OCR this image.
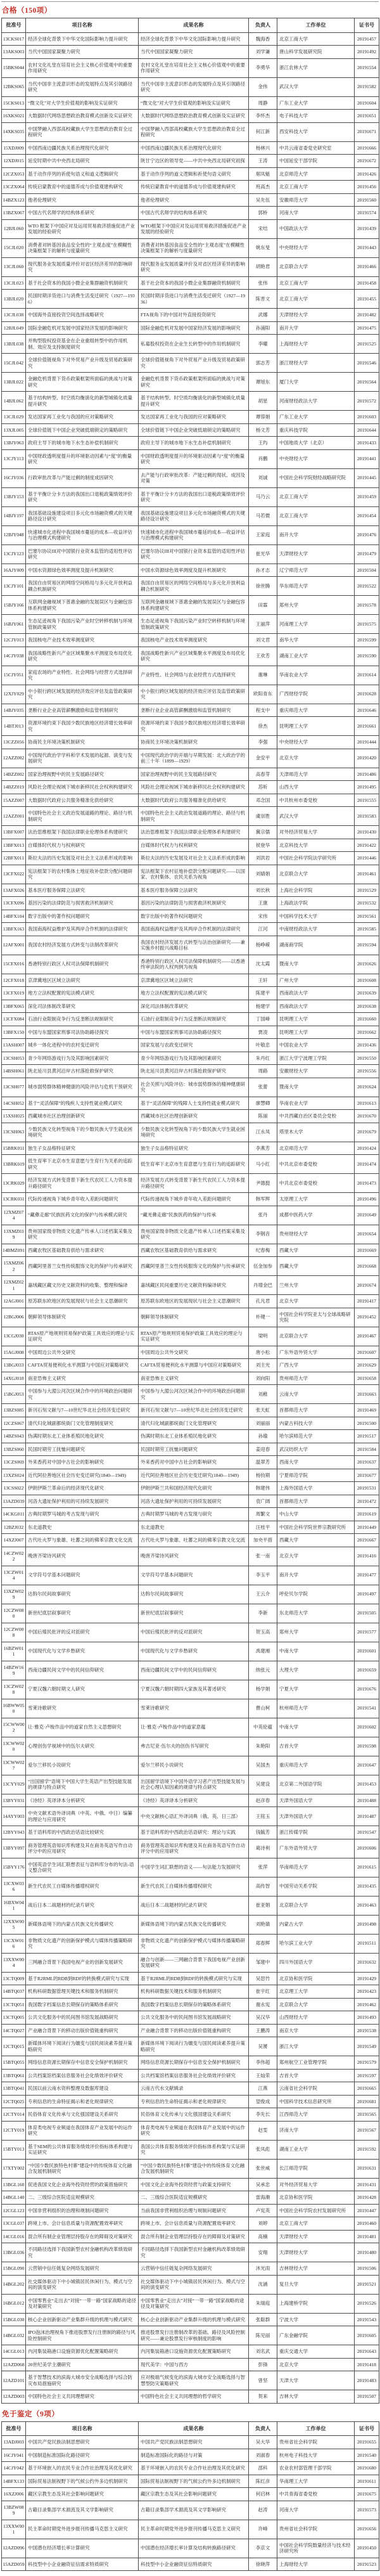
合格（150项）
批准号	项目名称	成果名称	负责人	工作单位	证书号
13CKS017	经济全球化背景下中华文化国际影响力提升研究	经济全球化背景下中华文化国际影响力提升研究	魏海香	北京工商大学	20191457
13AKS003	当代中国国家凝聚力研究	当代中国国家凝聚力研究	刘学谦	唐山科学发展研究院	20191492
15BKS044	农村文化礼堂在培育社会主义核心价值观中的重要作用研究	农村文化礼堂在培育社会主义核心价值观中的重要作用研究	李勇华	浙江农林大学	20191554
12BKS065	当代中国非主流意识形态的发展特点及其引领路径研究	当代中国非主流意识形态的发展特点及其引领路径研究	金伟	武汉大学	20191582
15CKS013	“微文化”对大学生价值观的影响及实证研究	“微文化”对大学生价值观的影响及实证研究	周静	广东工业大学	20191604
16XKS021	大数据时代网络思想政治教育模式创新及实证研究	大数据时代网络思想政治教育模式创新及实证研究	李怀杰	电子科技大学	20191651
14XKS035	中国梦融入西部高校藏族大学生思想政治教育全过程研究	中国梦融入西部高校藏族大学生思想政治教育全过程研究	何江新	西安科技大学	20191671
15XDJ009	中国西南边疆民族关系治理现代化研究	中国西南边疆民族关系治理现代化研究	杨林兴	中共云南省委党史研究室	20191666
12XDJ015	延安时期中共中央西北局研究	陕甘宁边区的领导党——中共中央西北局研究初探	王涛	中国延安干部学院	20191672
12CZX053	基于动作序列的祈使句语义和道义逻辑研究	基于动作序列的道义逻辑和祈使句语义研究	琚凤魁	北京师范大学	20191426
13CZX064	传统启蒙教育中的道德养成与价值观建构研究	传统启蒙教育中的道德养成与价值观建构研究	班高杰	北京工商大学	20191456
14BZX123	他者伦理研究	他者伦理研究	吴先伍	安徽师范大学	20191560
13BZX067	中国古代名辩学的结构体系研究	中国古代名辩学的结构体系研究	郭桥	河南大学	20191574
12BJL060	WTO 框架下中国应对及运用贸易救济措施促进产业发展的经验研究	WTO框架下中国应对及运用贸易救济措施促进产业发展的经验研究	宋结	中国政法大学	20191439
15CJL020	消费者对转基因食品安全性的“主观态度”在模糊性决策框架下的解析与度量研究	消费者对转基因食品安全性的“主观态度”在模糊性决策框架下的解析与度量研究	姚东旻	中央财经大学	20191443
13CJL060	现代服务业发展质量评价对省区经济差异的影响研究	现代服务业发展质量评价及对省区经济差异的影响研究	胡艳君	北京联合大学	20191466
13CJL023	基于社会资本的我国小微企业集群融资机制研究	基于社会资本的我国小微企业集群融资机制研究	张伟	北京工商大学	20191458
13BJL020	民国时期洋货进口与消费生活变迁研究（1927—1936）	民国时期洋货进口与消费生活变迁研究（1927—1936）	陈晋文	北京工商大学	20191455
13CJL038	中国海外直接投资空间选择战略研究	FTA视角下的中国对外直接投资研究	武娜	天津财经大学	20191482
12BJL049	国际金融危机对发展中国家经济发展的影响研究	国际金融危机对发展中国家经济发展的影响研究	孙浦阳	南开大学	20191475
13BJL038	并购型股权投资基金在企业重组转型中的作用机制、效应及支持制度研究	私募股权投资在企业生长转型中的作用机制研究	李曜	上海财经大学	20191525
15CJL042	全球价值链视角下对外贸易产业升级及贸易政策研究	全球价值链视角下对外贸易产业升级及贸易政策研究	郭志芳	浙江财经大学	20191546
13BJL022	金融危机背景下货币政策框架所面临的挑战与对策研究	金融危机背景下货币政策框架所面临的挑战与对策研究	谭旭东	厦门大学	20191564
14BJL062	基于结构转型、时空质均衡演化的新型城镇化质量提升研究	基于结构转型、时空质均衡演化的新型城镇化质量提升研究	胡星	河南财经政法大学	20191572
13CJL029	发达国家再工业化与我国的应对策略研究	发达国家再工业化与我国的应对策略研究	谭蓉娟	广东工业大学	20191603
13XJL005	全球价值链下中国企业突破低端锁定的策略研究	全球价值链下中国企业突破低端锁定的策略研究	杨文芳	重庆科技学院	20191644
13BJY063	政府主导下的城市地下水生态补偿机制研究	政府主导下的城市地下水生态补偿机制研究	王玙	中国地质大学（北京）	20191433
13CJY113	中国财政透明度提升的环境驱动因素与“度”的衡量研究	中国财政透明度提升的环境驱动因素与“度”的衡量研究	肖鹏	中央财经大学	20191441
16CJY036	行政审批改革与产能过剩的制度成因研究	去产能与行政审批改革：产能过剩的现状、成因及对策	刘诚	中国社会科学院财经战略研究院	20191445
13BJY153	基于平衡计分卡方法的我国出口退税政策绩效评价研究	基于平衡计分卡方法的我国出口退税政策绩效评价研究	马乃云	北京工商大学	20191459
14BJY197	我国基础设施建设项目多元化市场融资模式的关键路径设计研究	我国基础设施建设项目多元化市场融资模式的关键路径设计研究	马若微	北京工商大学	20191454
12BJY048	快速城市化进程中我国城市蔓延的成本—收益评估与治理模式构建研究	快速城市化进程中我国城市蔓延的成本—收益评估与治理模式构建研究	王家庭	南开大学	20191476
13CJY123	巴塞尔协议III对中国银行业资本监管的适用性评估研究	巴塞尔协议III对中国银行业资本监管的适用性评估研究	崔光华	天津财经大学	20191479
16AJY009	中国水资源绿色效率测度及提升机制研究	中国水资源绿色效率测度及提升机制研究	孙才志	辽宁师范大学	20191504
13CJY101	我国自由贸易区的网络空间格局与多元化开放利益耦合机制研究	我国自由贸易区的网络空间格局与多元化开放利益耦合机制研究	徐世腾	华东师范大学	20191522
15BJY166	互联网金融视域下普惠金融的发展误区与金融包容体系构建研究	互联网金融视域下普惠金融的发展误区与金融包容体系构建研究	田霖	郑州大学	20191578
16BJY061	生态足迹视角下我国污染产业时空转移机制与环境管制政策研究	生态足迹视角下我国污染产业时空转移机制与环境管制政策研究	王丽萍	河南理工大学	20191575
12CJY013	我国核电产业技术效率测度研究	我国核电产业技术效率测度研究	刘文君	南华大学	20191599
14CJY038	我国战略性新兴产业区域集聚水平测度及布局优化研究	我国战略性新兴产业区域集聚水平测度及布局优化研究	王欢芳	湖南工业大学	20191590
15CJY051	家庭农场的产业特性、社会网络与经营方式选择研究	产业特性、社会网络与农业经营方式选择研究	谢琳	华南农业大学	20191614
12XJY029	中小银行跨区域发展的经济效应评估及监管政策研究	中小银行跨区域发展的经济效应评估及监管政策研究	欧阳青东	广西财经学院	20191628
14BJY035	垄断行业企业高管薪酬激励和监管机制研究	垄断行业企业高管薪酬激励和监管机制研究	程支中	重庆师范大学	20191646
14BTJ013	资源环境约束下我国少数民族地区经济增长效率研究	资源环境约束下我国少数民族地区经济增长效率研究	徐杰	昆明理工大学	20191661
13CZZ056	协商民主环境决策机制研究	协商民主环境决策机制研究	李强	中央财经大学	20191444
12AZZ002	中国现代政治学学科和学术发展的起源、演变与发展研究	中国现代政治学的开端与早期发展：北大政治学的前三十年（1899—1929）	金安平	北京大学	20191420
14BZZ002	国家治理视野中的民主发展路径研究	国家治理视野中的民主发展路径研究	高春芽	天津师范大学	20191486
14BZZ019	风险社会理论视域下城市新移民社会权利构建研究	风险社会理论视域下城市新移民社会权利构建研究	苏昕	山西大学	20191495
15AZZ007	大数据时代政府公共服务精准化供给研究	大数据时代政府公共服务精准化供给研究	邓念国	中共杭州市委党校	20191555
12AZZ001	中国特色社会主义政治发展道路的理论、路径与机制研究	中国特色社会主义政治发展道路的理论、路径与机制研究	虞崇胜	武汉大学	20191583
13BFX007	法治思维框架下我国法律职业伦理体系构建研究	法治思维框架下我国法律职业伦理体系构建研究	冀宗儒	对外经济贸易大学	20191430
13BFX013	自媒体时代权力与权利研究	自媒体时代权力与权利研究	侯登华	北京科技大学	20191422
12BFX011	斯拉夫法的历史发展及对社会主义法系形成的影响	斯拉夫法的历史发展及对社会主义法系形成的影响	刘洪岩	中国社会科学院法学研究所	20191446
13CFX022	宪法框架下的农村集体土地征收补偿款分配问题研究	宪法框架下农村征地补偿款分配问题研究——以国家、农村集体、农民关系为视角	刘婧娟	北京联合大学	20191461
13AFX026	基本医疗服务保障立法研究	基本医疗服务保障立法研究	刘长秋	上海社会科学院	20191529
13CFX096	基因污染的法律防范与损害救济机制研究	基因污染的法律防范与损害救济机制研究	王康	上海政法学院	20191532
14BFX104	数字出版中的著作权问题研究	数字出版中的著作权问题研究	宋伟	中国科学技术大学	20191561
13BFX163	我国南海权益维护及其两岸合作机制的法律研究	我国南海权益维护及其两岸合作机制的法律研究	江河	中南财经政法大学	20191585
12AFX001	我国农村经济发展方式转变与法制改革研究	我国农村经济发展方式转型与法治创新研究——兼实施乡村振兴战略目标	杨峥嵘	湖南商学院	20191594
15CFX016	香港特别行政区人权司法保障机制研究	香港特别行政区人权司法保障机制研究——以香港终审法院的人权判例为视角	沈太霞	暨南大学	20191626
12CFX018	京津冀地区区域立法研究	京津冀地区区域立法研究	王轩	广州大学	20191608
13CFX019	地方立法权配置的宪法模式研究	地方立法权配置的宪法模式研究	陈建平	西南政法大学	20191639
13BFX065	深化司法体制改革研究	深化司法体制改革研究	杨建学	西南政法大学	20191638
13CFX084	石油行业限制竞争行为反垄断法规制研究	石油行业限制竞争行为反垄断法规制研究	丁国峰	昆明理工大学	20191660
13BFX150	中国与东盟国家刑事司法协助路径探究	中国与东盟国家刑事司法协助路径探究	贾凌	昆明理工大学	20191662
13ASH007	城乡一体化进程中的农村变迁研究	国家发展与农政变迁研究	叶敬忠	中国农业大学	20191436
13CSH053	青少年网络游戏行为及其影响因素研究	青少年网络游戏行为及其影响因素研究	朱丹红	浙江大学宁波理工学院	20191550
14BSH061	陕北延川县黄河沿岸古村落抢救保护研究	陕北延川县黄河沿岸古村落抢救保护研究	周路	安徽财经大学	20191556
13CSH077	城市弱势群体精神健康的风险评估与危机干预研究	社会关照与风险评估：城市弱势群体的精神健康研究	张蕾	暨南大学	20191624
14CSH052	基于“灵活保障”的残疾人支持性就业模式研究	基于“灵活保障”的残障人士支持性就业模式研究	廖慧卿	华南农业大学	20191613
15XSH025	西藏城市社区治理创新研究	西藏城市社区治理创新研究	陈丽	中共西藏自治区委员会党校	20191670
13CSH063	少数民族文化转型视角下的少数民族大学生就业困境研究	少数民族文化转型视角下的少数民族大学生就业困境研究	江永凤	塔里木大学	20191679
15BRK011	独生子女品格特征研究	独生子女品格特征研究	李燕芳	北京师范大学	20191424
13BRK019	低生育率下北京市生育意愿与生育行为关系的追踪研究	低生育率下北京市生育意愿与生育行为的追踪研究	马小红	中共北京市委党校	20191474
13CRK029	经济发展方式转变背景下新生代农民工人力资本提升路径研究	经济发展方式转变背景下新生代农民工人力资本提升路径研究	尹德挺	中共北京市委党校	20191473
13CRK031	代际传递视角下城乡青年收入差距问题研究	代际传递视角下城乡青年收入差距问题研究	韩军辉	太原理工大学	20191496
12XMZ074	“藏彝走廊”民族医药文化的保护与传承模式研究	“藏羌彝走廊”民族医药的保护与传承	张丹	成都中医药大学	20191649
13XMZ039	贵州国家级非物质文化遗产传承人口述档案采集及研究	贵州国家级非物质文化遗产传承人口述档案采集及研究	李钢音	贵州财经大学	20191654
14BMZ091	西藏农牧区基础教育供给与需求研究	西藏农牧区基础教育供给与需求研究	纪春梅	西藏大学	20191669
15XMZ062	西藏阿里普兰女性传统服饰文化的保护与传承研究	西藏阿里普兰女性传统服饰文化的保护与传承研究	伍金加参	西藏大学	20191668
12XMZ021	嘉绒藏区藏文历史文献资料的收集、整理和编译	嘉绒藏区民间重要历史文献资料编译研究	丹增金巴	兰州大学	20191674
12AGJ001	原苏联东欧地区的发展现状与社会主义思潮研究	原苏联东欧地区的发展现状与社会主义思潮研究	孔凡君	北京大学	20191417
12BGJ006	朝鲜领导体制研究	朝鲜领导体制研究	朴键一	中国社会科学院亚太与全球战略研究院	20191452
13CGJ030	RTAS原产地规则贸易保护政策工具效应的理论与实证研究	RTAS原产地规则贸易保护政策工具效应的理论与实证研究	梁明	北京联合大学	20191467
15AGJ008	中国周边公共外交研究	中国周边公共外交研究	唐小松	广东外语外贸大学	20191607
13BGJ033	CAFTA贸易便利化水平测算与中国应对策略研究	CAFTA贸易便利化水平测算与中国应对策略研究	刘主光	广西大学	20191629
14XGJ018	南亚恐怖主义研究	南亚恐怖主义研究	刘向阳	贵州师范大学	20191658
15BGJ053	中国参与大湄公河次区域合作中的环境政治问题研究	中国参与大湄公河次区域合作中的环境政治问题研究	刘稚	云南大学	20191663
13BZS085	新刊石刻文献与7—10世纪华北社会经济变迁研究	新刊石刻文献与7—10世纪华北社会经济变迁研究	张天虹	首都师范大学	20191469
12CZS067	清代归化城副都统衙门文化管理制度研究	清代归化城副都统衙门文化管理研究	刘丽丽	内蒙古科技大学	20191500
14BZS043	伪满时期东北工业体系殖民地化研究	伪满时期东北工业体系殖民地化研究	孙瑜	哈尔滨师范大学	20191517
13BZS060	民国时期劳工抚恤问题研究	民国时期劳工抚恤问题研究	姜迎春	武汉纺织大学	20191584
13CZS069	外来香药对中国中古社会的影响研究	外来香药对中国中古社会的影响研究	温翠芳	西南大学	20191637
13XZS024	近代阿拉善地区社会历史变迁研究(1840—1949)	近代阿拉善地区社会历史变迁研究(1840—1949)	杨钧期	宁夏师范学院	20191677
13CSS022	伊朗伊斯兰革命后的经济现代化研究	伊朗伊斯兰共和国经济现代化研究	韩建伟	上海外国语大学	20191531
13AZD039	河洛大遗址保护利用的可持续发展研究	河洛大遗址保护利用的可持续发展研究	袁广阔	首都师范大学	20191472
14CKG011	古典时期罗马城的考古发现与研究	古典时期罗马城的考古发现与研究	周繁文	中山大学	20191619
12BZJ032	东北道教史	东北道教史	汪桂平	中国社会科学院世界宗教研究所	20191449
14XZJ007	古代吐火罗与象雄、吐蕃之间的佛苯宗教文化交流	古代吐火罗与象雄、吐蕃之间的佛苯宗教文化交流	加央平措	西藏大学	20191667
14CZW022	晚唐齐梁诗风研究	晚唐齐梁诗风研究	张一南	北京大学	20191416
13CZW014	文学符号学基本问题研究	文学符号学基本问题研究	李玉平	南开大学	20191477
13XZW029	达斡尔民间故事研究	达斡尔民间故事研究	王云介	呼伦贝尔学院	20191497
12CZW080	新世纪底层叙事研究	新世纪底层叙事研究	李新	东北师范大学	20191505
12CZW008	中国后殖民批评的反对派研究	中国后殖民批评的反对派研究	贺玉高	郑州大学	20191577
16BZW011	中国现代化与文学乡愁研究	中国现代化与文学乡愁研究	禹建湘	中南大学	20191601
14BZW169	西南边疆民间文学中的民间信仰研究	西南边疆民间文学中的民间信仰研究	纳张元	大理大学	20191659
13CZW028	宁夏汉魏六朝时期文人研究	宁夏汉魏六朝时期四大家族及其著述研究	杨学娟	宁夏大学	20191676
16BWW050	雪莱诗歌研究	雪莱诗歌研究	曹山柯	杭州师范大学	20191541
15CWW002	让·雅克·卢梭作品中的道家自然主义思想研究	让·雅克·卢梭作品中的道家意蕴	中英伦蕴	中南大学	20191602
13CWW020	心理创伤学视域中的伍尔夫研究	弗吉尼亚·伍尔夫的创伤书写研究	朱艳阳	吉首大学	20191598
13CWW027	爱尔兰移民小说研究	爱尔兰移民小说研究	吴国杰	重庆师范大学	20191647
13CYY029	“出国留学”语境下中国大学生英语产出型技能发展的规律与特点研究	出国留学语境下中国外语学习者产出型技能发展与社会心理认知因素的规律与特点研究	吴建设	北京第二外国语学院	20191453
13BYY031	《诗经》英译译本分析研究	《诗经》英译译本分析研究	赵彦春	天津外国语大学	20191488
14AYY003	中央文献术语外译词典（中英、中俄、中日）编纂的理论与应用研究	中央文献核心语汇外译词典（俄、英、日三部）	王铭玉	天津外国语大学	20191487
12BYY043	基于语料库的中西政治话语比较研究	基于语料库的中西政治话语研究：理论与实践	钱毓芳	浙江传媒学院	20191547
13BYY097	商务管理英语知识库构建及其在商务英语写作自动评分中的应用研究	商务管理英语知识库构建及其在商务英语写作自动评分中的应用研究	葛诗利	广东外语外贸大学	20191606
15BYY176	中国英语学生词汇联想表征与语料库分布的句法-语义整合研究	中国学生词汇联想的语义——句法能力发展研究	张萍	华南师范大学	20191615
13CXW036	新生代农民工自媒体传播增权研究	新生代农民工自媒体传播增权研究	高传智	中国劳动关系学院	20191435
16BXW041	战后日本二战题材的纪录片研究	战后日本二战题材的纪录片研究	崔亚娟	北京联合大学	20191463
12XXW005	新媒体语境下的内蒙古民族文化传播研究	新媒体语境下的内蒙古民族文化传播研究	刘艳婧	内蒙古大学	20191498
13CXW016	非物质文化遗产的创新保护模式与媒体传播策略研究	非物质文化遗产的创新保护模式与媒体传播策略研究	郑春辉	哈尔滨工业大学	20191511
13XXW004	三网融合背景下我国电视产业的创新发展研究	融合与创新——三网融合背景下我国电视产业创新发展研究	邹建中	四川外国语大学	20191632
13CTQ009	基于R2RML的RDB到RDF的转换模式研究与实现	基于R2RML的RDB到RDF的转换模式研究与实现	吴思竹	北京协和医学院	20191429
14BTQ037	机构科研数据管理关键技术和服务机制研究	机构科研数据关键技术和服务机制研究	崔宇红	北京理工大学	20191423
13CTQ051	我国数字档案信息长期保存的策略体系研究	我国数字档案信息长期保存的策略体系研究	谢永宪	北京联合大学	20191462
13CTQ005	公共文化服务中的民间图书馆发展战略研究	公共文化服务中的民间图书馆发展战略研究	吴汉华	山西财经大学	20191493
14CTQ027	产业融合背景下的移动出版价值链重构研究	产业融合背景下的移动出版价值链重构研究	王鹏涛	南京大学	20191538
12CTQ015	新媒体环境下阅读行为嬗变与国民阅读素养提升策略研究	新媒体环境下阅读行为嬗变与国民阅读素养提升策略研究	吴赟	浙江大学	20191549
15BTQ055	网络信息资源长期保存中信息安全保护机制研究	网络信息资源长期保存中信息安全保护机制研究	李伟超	郑州航空工业管理学院	20191579
13BTQ061	公共档案馆档案信息服务社会化绩效评价研究	公共档案馆档案信息服务社会化绩效评价研究	王灿荣	吉首大学	20191597
13BTQ041	民国以前云南水资料整理及数据库建设	云南古代水文献辑录	江燕	云南省社会科学院	20191665
12CTQ025	专利信息的生命特征揭示和老化规律研究	专利信息的生命特征揭示和老化规律研究	望俊成	中国科学技术信息研究所	20191681
12CTY014	民俗体育文化传承与文化强国建设关系研究	民俗体育文化传承与文化强国建设关系研究	李先长	江西师范大学	20191565
12CTY019	体育类电视专业频道在我国体育产业发展中的运作研究	体育类电视专业频道在我国体育产业发展中的运作研究	赵雯	济南大学	20191567
15BTY013	基于SEM的公共体育服务绩效评价指标体系构建与实证研究	我国公共体育服务绩效评价指标体系构架与实证研究	张凤彪	湖南工业大学	20191592
17XTY002	“中国少数民族特色村寨”建设中的传统体育文化融合发展机制研究	“中国少数民族特色村寨”建设中的传统体育文化融合发展机制研究	张世威	长江师范学院	20191631
13BGL160	促进我国文化企业海外投资经营的政策措施研究	中国文化企业海外投资经营与政策支持研究	吴承忠	对外经济贸易大学	20191431
14BGL140	二、三级综合医院适宜规模研究	二、三级综合医院适宜规模研究	雷海潮	北京协和医学院	20191428
12CGL123	中国非营利组织的治理和规制问题研究	当前我国非营利组织治理与规制问题研究	卢宪英	中国社会科学院农村发展研究所	20191447
13CGL037	跨境上市、会计信息质量与资源配置效率研究	跨境上市、会计信息质量与资源配置效率研究	刘婷	北京工商大学	20191460
14CGL016	混合所有制企业管理层持股存在的障碍及对策研究	混合所有制企业管理层持股存在的障碍及对策研究	高楠	天津财经大学	20191481
13BGL036	不同路径选择下我国新型农村金融机构改革绩效研究	不同路径选择下我国新型农村金融机构改革绩效研究	安翔	天津财经大学	20191480
15BGL090	云营销中信任链复杂网络发展研究	云营销中信任链复杂网络发展研究	沐光雨	吉林财经大学	20191506
14BGL202	社交媒体驱动下中小城镇居民休闲行为、模式与空间的演变研究	社交媒体驱动下中小城镇居民休闲行为、模式与空间的演变研究	沈涵	复旦大学	20191521
16BGL012	中国零售业“走出去”对接“一带一路”国家战略的途径及对策研究	中国零售业“走出去”对接“一带一路”国家战略的途径及对策研究	朱瑞庭	上海建桥学院	20191526
15BGL030	核心企业创新驱动产业集群升级的机理与模式研究	核心企业创新驱动产业集群升级的机理与模式研究	张聪群	宁波大学	20191543
14BGL032	IPO泡沫治理视角下推进股票发行注册制的路径与风险控制研究	推进股票发行注册制改革的基础、路径及风险控制研究——兼论股票发行审核制度的影响	陈见丽	广东金融学院	20191605
14CGL013	内河集装箱港口设施资源优化配置策略研究	内河集装箱港口设施资源优化配置策略研究	刘名武	重庆交通大学	20191643
12AZD068	20世纪美学主潮研究	现代美学：中国与西方	彭锋	北京大学	20191418
12AZD101	基于智慧技术的滨海大城市安全战略选择与综合防灾布局措施研究	应对极端气候变化的滨海大城市安全战略选择与智慧型防灾策略研究	曾坚	天津大学	20191483
12AZD003	中国特色社会主义共同理想研究	中国特色社会主义共同理想的哲学研究	贺来	吉林大学	20191507
免于鉴定（9项）
批准号	项目名称	成果名称	负责人	工作单位	证书号
13ADJ003	中国共产党民族法制思想研究	中国共产党民族法制思想研究	吴大华	贵州省社会科学院	20191655
16CJY041	中国制造标准国际化路径研究	制造标准国际化的路径与对策	刘淑春	杭州电子科技大学	20191540
14CJY042	基于环境嵌入的农民专业合作社治理及其优化研究	基于环境嵌入的农民专业合作社治理及其优化研究	邵科	农业农村部管理干部学院	20191680
14BFX133	国际贸易法制视野下的气候公约外多边机制研究	国际贸易法制视野下的气候公约外多边机制研究	陈红彦	华南理工大学	20191611
16XZJ006	藏区宗教生态及其社会影响问题研究	藏区宗教生态及其社会影响问题研究	何启林	中共青海省委党校	20191675
13BZW089	古籍目录集部学术源流及其文学影响研究	古籍目录集部学术源流及其文学影响研究	赵涛	河南大学	20191573
13XXW001	民主革命时期党外进步报刊传播马克思主义研究	民主革命时期党外进步报刊传播马克思主义研究	许峰	贵州省社会科学院	20191656
12AZD096	中国潜在经济增长率计算研究	中国潜在经济增长率计算及结构转换路径研究	李京文	中国社会科学院数量经济与技术经济研究所	20191450
15AZD059	科技型中小企业融资征信需求特质研究	科技型中小企业融资征信特质研究	徐晓萍	上海财经大学	20191523
